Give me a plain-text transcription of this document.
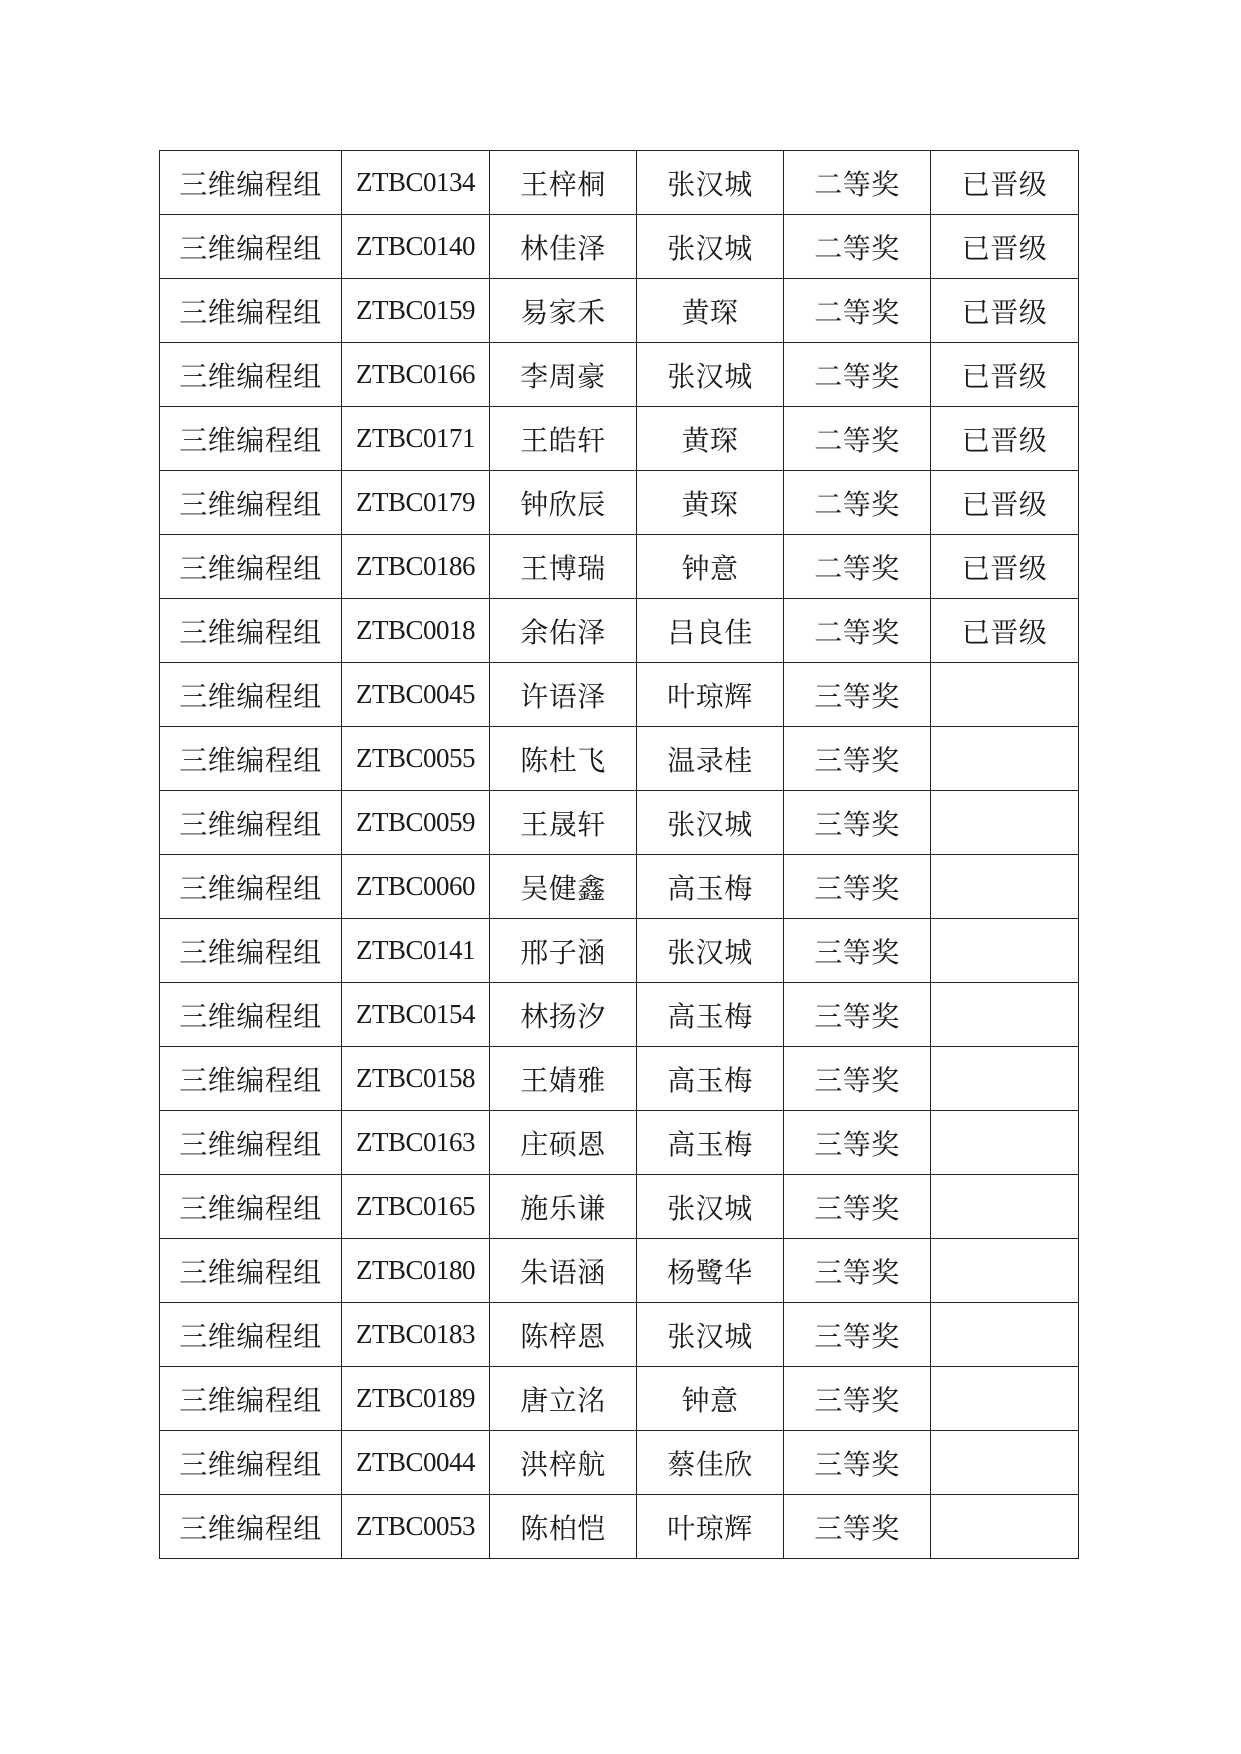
三维编程组	ZTBC0134	王梓桐	张汉城	二等奖	已晋级
三维编程组	ZTBC0140	林佳泽	张汉城	二等奖	已晋级
三维编程组	ZTBC0159	易家禾	黄琛	二等奖	已晋级
三维编程组	ZTBC0166	李周豪	张汉城	二等奖	已晋级
三维编程组	ZTBC0171	王皓轩	黄琛	二等奖	已晋级
三维编程组	ZTBC0179	钟欣辰	黄琛	二等奖	已晋级
三维编程组	ZTBC0186	王博瑞	钟意	二等奖	已晋级
三维编程组	ZTBC0018	余佑泽	吕良佳	二等奖	已晋级
三维编程组	ZTBC0045	许语泽	叶琼辉	三等奖	
三维编程组	ZTBC0055	陈杜飞	温录桂	三等奖	
三维编程组	ZTBC0059	王晟轩	张汉城	三等奖	
三维编程组	ZTBC0060	吴健鑫	高玉梅	三等奖	
三维编程组	ZTBC0141	邢子涵	张汉城	三等奖	
三维编程组	ZTBC0154	林扬汐	高玉梅	三等奖	
三维编程组	ZTBC0158	王婧雅	高玉梅	三等奖	
三维编程组	ZTBC0163	庄硕恩	高玉梅	三等奖	
三维编程组	ZTBC0165	施乐谦	张汉城	三等奖	
三维编程组	ZTBC0180	朱语涵	杨鹭华	三等奖	
三维编程组	ZTBC0183	陈梓恩	张汉城	三等奖	
三维编程组	ZTBC0189	唐立洺	钟意	三等奖	
三维编程组	ZTBC0044	洪梓航	蔡佳欣	三等奖	
三维编程组	ZTBC0053	陈柏恺	叶琼辉	三等奖	
